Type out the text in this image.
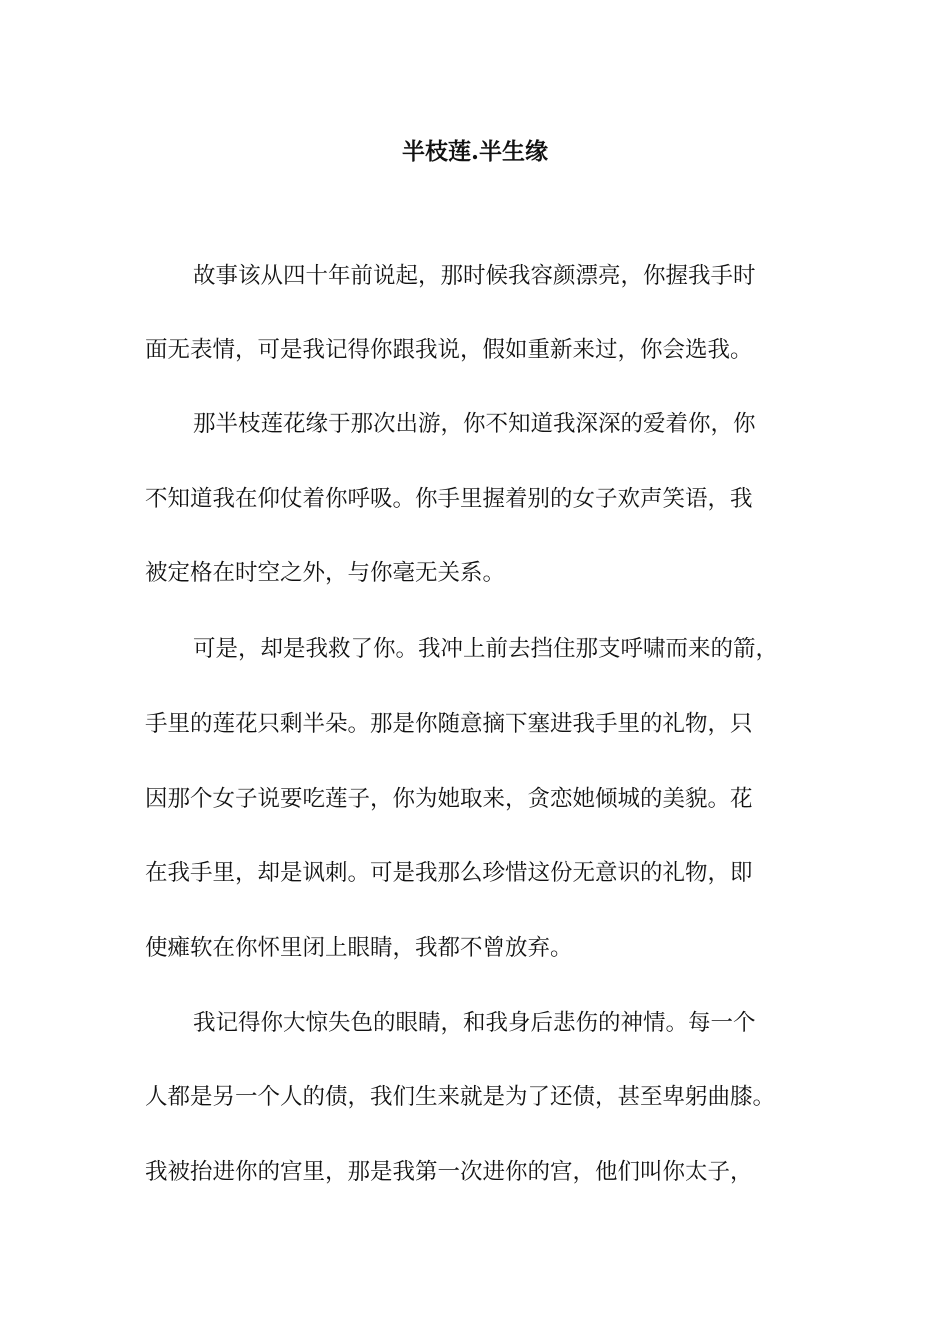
半枝莲.半生缘
故事该从四十年前说起，那时候我容颜漂亮，你握我手时
面无表情，可是我记得你跟我说，假如重新来过，你会选我。
那半枝莲花缘于那次出游，你不知道我深深的爱着你，你
不知道我在仰仗着你呼吸。你手里握着别的女子欢声笑语，我
被定格在时空之外，与你毫无关系。
可是，却是我救了你。我冲上前去挡住那支呼啸而来的箭，
手里的莲花只剩半朵。那是你随意摘下塞进我手里的礼物，只
因那个女子说要吃莲子，你为她取来，贪恋她倾城的美貌。花
在我手里，却是讽刺。可是我那么珍惜这份无意识的礼物，即
使瘫软在你怀里闭上眼睛，我都不曾放弃。
我记得你大惊失色的眼睛，和我身后悲伤的神情。每一个
人都是另一个人的债，我们生来就是为了还债，甚至卑躬曲膝。
我被抬进你的宫里，那是我第一次进你的宫，他们叫你太子，
